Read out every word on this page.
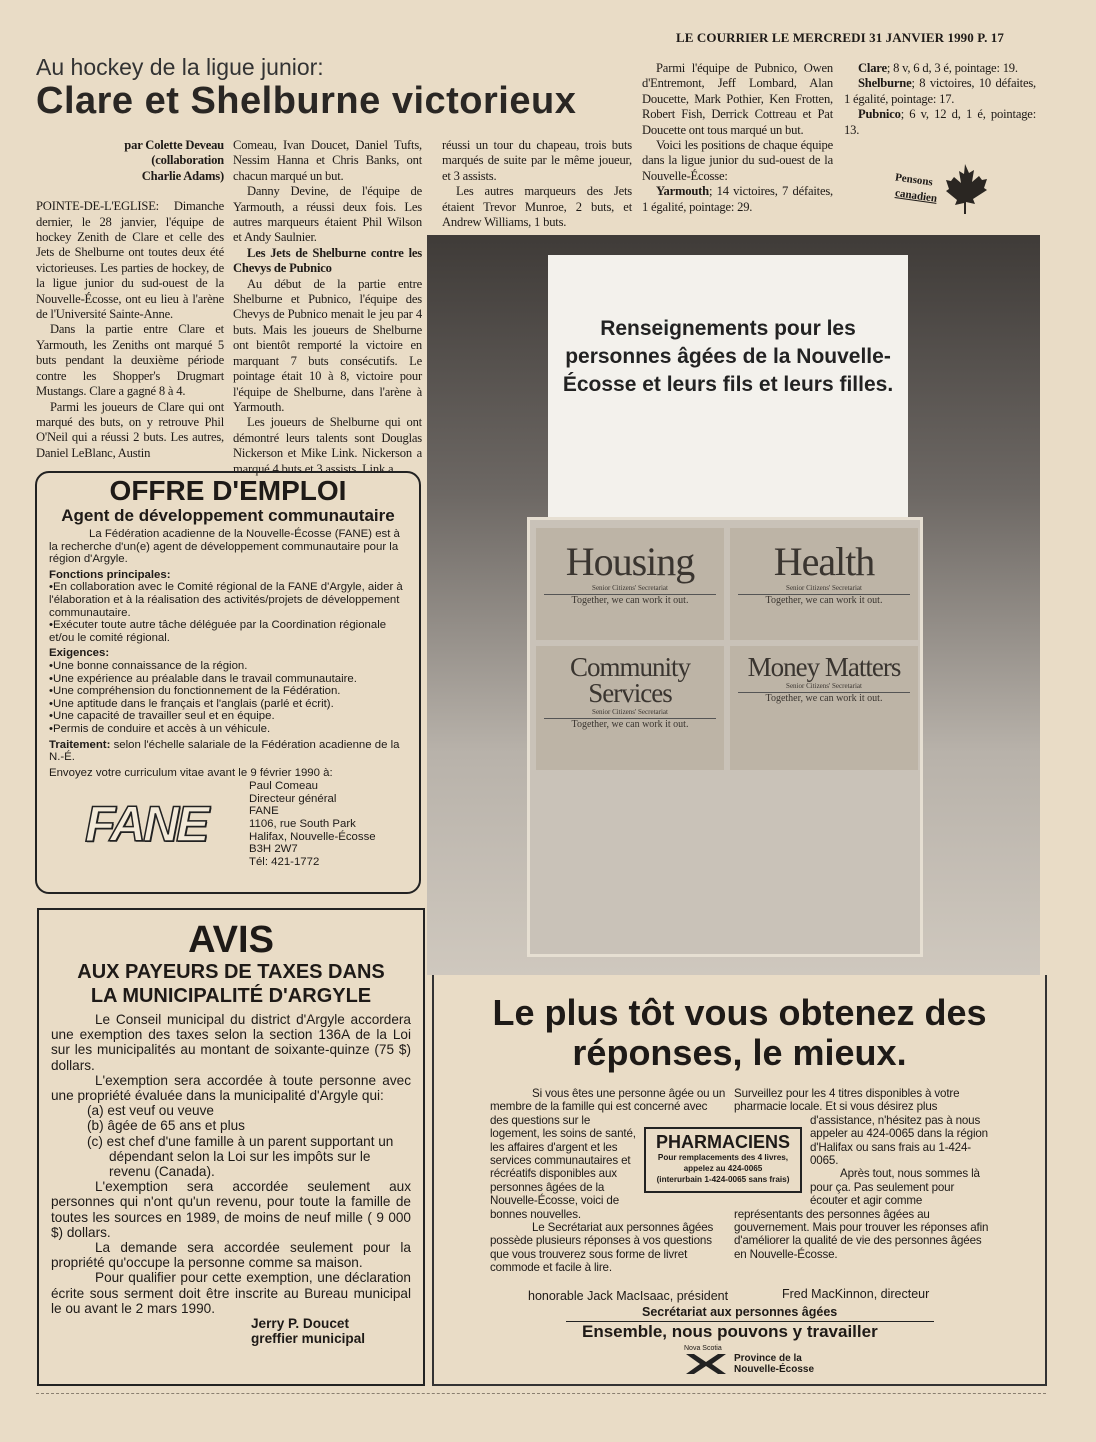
LE COURRIER LE MERCREDI 31 JANVIER 1990 P. 17
Au hockey de la ligue junior:
Clare et Shelburne victorieux
par Colette Deveau
(collaboration
Charlie Adams)

POINTE-DE-L'EGLISE: Dimanche dernier, le 28 janvier, l'équipe de hockey Zenith de Clare et celle des Jets de Shelburne ont toutes deux été victorieuses. Les parties de hockey, de la ligue junior du sud-ouest de la Nouvelle-Écosse, ont eu lieu à l'arène de l'Université Sainte-Anne.

Dans la partie entre Clare et Yarmouth, les Zeniths ont marqué 5 buts pendant la deuxième période contre les Shopper's Drugmart Mustangs. Clare a gagné 8 à 4.

Parmi les joueurs de Clare qui ont marqué des buts, on y retrouve Phil O'Neil qui a réussi 2 buts. Les autres, Daniel LeBlanc, Austin

Comeau, Ivan Doucet, Daniel Tufts, Nessim Hanna et Chris Banks, ont chacun marqué un but.

Danny Devine, de l'équipe de Yarmouth, a réussi deux fois. Les autres marqueurs étaient Phil Wilson et Andy Saulnier.

Les Jets de Shelburne contre les Chevys de Pubnico

Au début de la partie entre Shelburne et Pubnico, l'équipe des Chevys de Pubnico menait le jeu par 4 buts. Mais les joueurs de Shelburne ont bientôt remporté la victoire en marquant 7 buts consécutifs. Le pointage était 10 à 8, victoire pour l'équipe de Shelburne, dans l'arène à Yarmouth.

Les joueurs de Shelburne qui ont démontré leurs talents sont Douglas Nickerson et Mike Link. Nickerson a marqué 4 buts et 3 assists. Link a

réussi un tour du chapeau, trois buts marqués de suite par le même joueur, et 3 assists.

Les autres marqueurs des Jets étaient Trevor Munroe, 2 buts, et Andrew Williams, 1 buts.

Parmi l'équipe de Pubnico, Owen d'Entremont, Jeff Lombard, Alan Doucette, Mark Pothier, Ken Frotten, Robert Fish, Derrick Cottreau et Pat Doucette ont tous marqué un but.

Voici les positions de chaque équipe dans la ligue junior du sud-ouest de la Nouvelle-Écosse:

Yarmouth; 14 victoires, 7 défaites, 1 égalité, pointage: 29.

Clare; 8 v, 6 d, 3 é, pointage: 19.

Shelburne; 8 victoires, 10 défaites, 1 égalité, pointage: 17.

Pubnico; 6 v, 12 d, 1 é, pointage: 13.

Pensons
canadien
OFFRE D'EMPLOI
Agent de développement communautaire
La Fédération acadienne de la Nouvelle-Écosse (FANE) est à la recherche d'un(e) agent de développement communautaire pour la région d'Argyle.
Fonctions principales:
•En collaboration avec le Comité régional de la FANE d'Argyle, aider à l'élaboration et à la réalisation des activités/projets de développement communautaire.
•Exécuter toute autre tâche déléguée par la Coordination régionale et/ou le comité régional.
Exigences:
•Une bonne connaissance de la région.
•Une expérience au préalable dans le travail communautaire.
•Une compréhension du fonctionnement de la Fédération.
•Une aptitude dans le français et l'anglais (parlé et écrit).
•Une capacité de travailler seul et en équipe.
•Permis de conduire et accès à un véhicule.
Traitement: selon l'échelle salariale de la Fédération acadienne de la N.-É.
Envoyez votre curriculum vitae avant le 9 février 1990 à:
FANE
Paul Comeau
Directeur général
FANE
1106, rue South Park
Halifax, Nouvelle-Écosse
B3H 2W7
Tél: 421-1772
AVIS
AUX PAYEURS DE TAXES DANS
LA MUNICIPALITÉ D'ARGYLE

Le Conseil municipal du district d'Argyle accordera une exemption des taxes selon la section 136A de la Loi sur les municipalités au montant de soixante-quinze (75 $) dollars.

L'exemption sera accordée à toute personne avec une propriété évaluée dans la municipalité d'Argyle qui:

(a) est veuf ou veuve
(b) âgée de 65 ans et plus
(c) est chef d'une famille à un parent supportant un dépendant selon la Loi sur les impôts sur le revenu (Canada).

L'exemption sera accordée seulement aux personnes qui n'ont qu'un revenu, pour toute la famille de toutes les sources en 1989, de moins de neuf mille ( 9 000 $) dollars.

La demande sera accordée seulement pour la propriété qu'occupe la personne comme sa maison.

Pour qualifier pour cette exemption, une déclaration écrite sous serment doit être inscrite au Bureau municipal le ou avant le 2 mars 1990.

Jerry P. Doucet
greffier municipal
Renseignements pour les personnes âgées de la Nouvelle-Écosse et leurs fils et leurs filles.
Housing
Senior Citizens' Secretariat
Together, we can work it out.
Health
Senior Citizens' Secretariat
Together, we can work it out.
Community Services
Senior Citizens' Secretariat
Together, we can work it out.
Money Matters
Senior Citizens' Secretariat
Together, we can work it out.
Le plus tôt vous obtenez des réponses, le mieux.
Si vous êtes une personne âgée ou un membre de la famille qui est concerné avec des questions sur le logement, les soins de santé, les affaires d'argent et les services communautaires et récréatifs disponibles aux personnes âgées de la Nouvelle-Écosse, voici de bonnes nouvelles.
Le Secrétariat aux personnes âgées possède plusieurs réponses à vos questions que vous trouverez sous forme de livret commode et facile à lire.
Surveillez pour les 4 titres disponibles à votre pharmacie locale. Et si vous désirez plus d'assistance, n'hésitez pas à nous appeler au 424-0065 dans la région d'Halifax ou sans frais au 1-424-0065.
Après tout, nous sommes là pour ça. Pas seulement pour écouter et agir comme représentants des personnes âgées au gouvernement. Mais pour trouver les réponses afin d'améliorer la qualité de vie des personnes âgées en Nouvelle-Écosse.
PHARMACIENS
Pour remplacements des 4 livres,
appelez au 424-0065
(interurbain 1-424-0065 sans frais)
honorable Jack MacIsaac, président	Fred MacKinnon, directeur
Secrétariat aux personnes âgées
Ensemble, nous pouvons y travailler
Nova Scotia
Province de la
Nouvelle-Écosse
